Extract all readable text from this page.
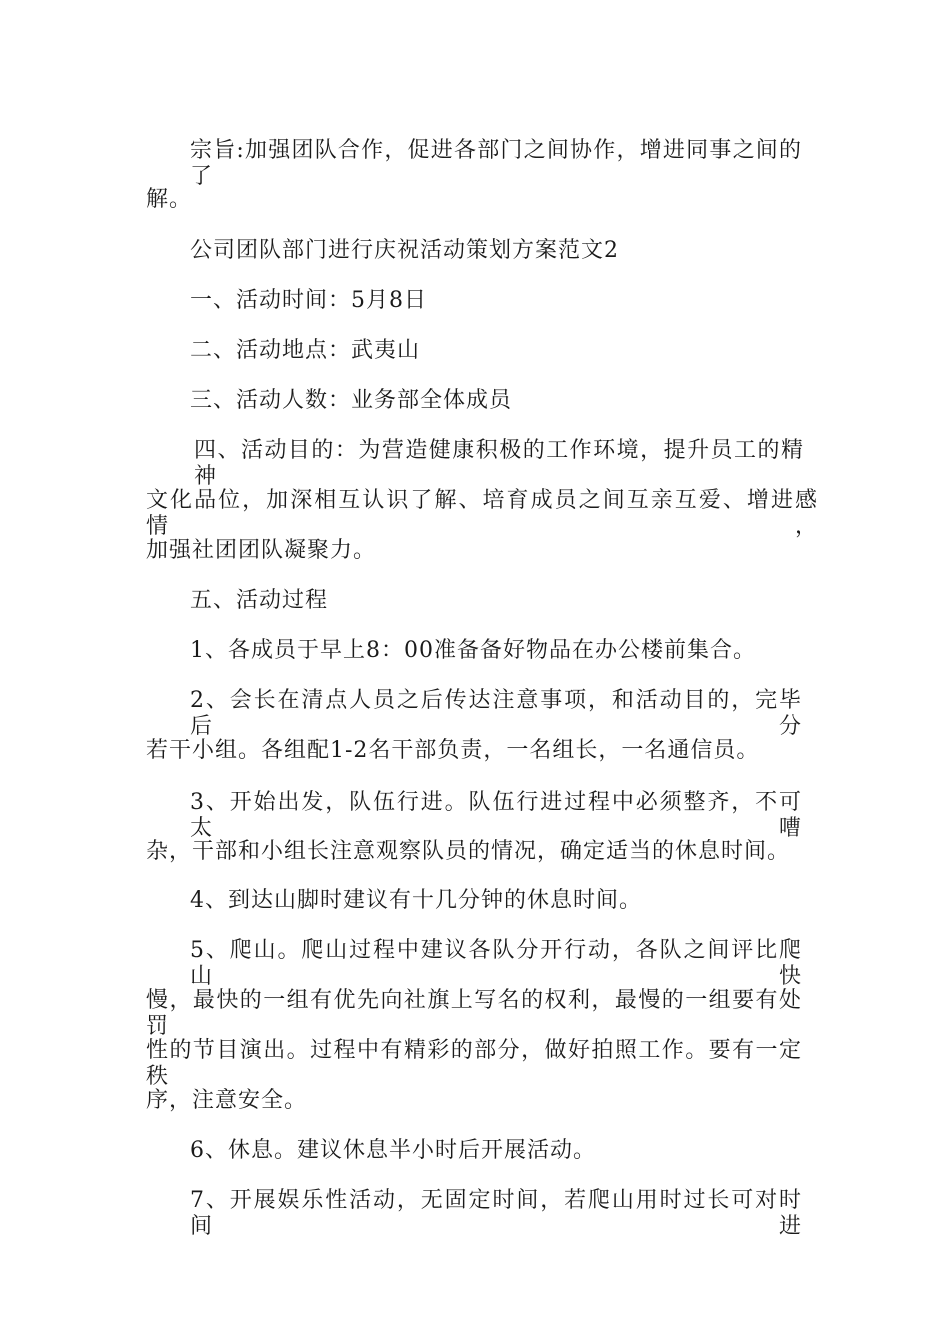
宗旨:加强团队合作，促进各部门之间协作，增进同事之间的了
解。
公司团队部门进行庆祝活动策划方案范文2
一、活动时间：5月8日
二、活动地点：武夷山
三、活动人数：业务部全体成员
四、活动目的：为营造健康积极的工作环境，提升员工的精神
文化品位，加深相互认识了解、培育成员之间互亲互爱、增进感情，
加强社团团队凝聚力。
五、活动过程
1、各成员于早上8：00准备备好物品在办公楼前集合。
2、会长在清点人员之后传达注意事项，和活动目的，完毕后分
若干小组。各组配1-2名干部负责，一名组长，一名通信员。
3、开始出发，队伍行进。队伍行进过程中必须整齐，不可太嘈
杂，干部和小组长注意观察队员的情况，确定适当的休息时间。
4、到达山脚时建议有十几分钟的休息时间。
5、爬山。爬山过程中建议各队分开行动，各队之间评比爬山快
慢，最快的一组有优先向社旗上写名的权利，最慢的一组要有处罚
性的节目演出。过程中有精彩的部分，做好拍照工作。要有一定秩
序，注意安全。
6、休息。建议休息半小时后开展活动。
7、开展娱乐性活动，无固定时间，若爬山用时过长可对时间进
